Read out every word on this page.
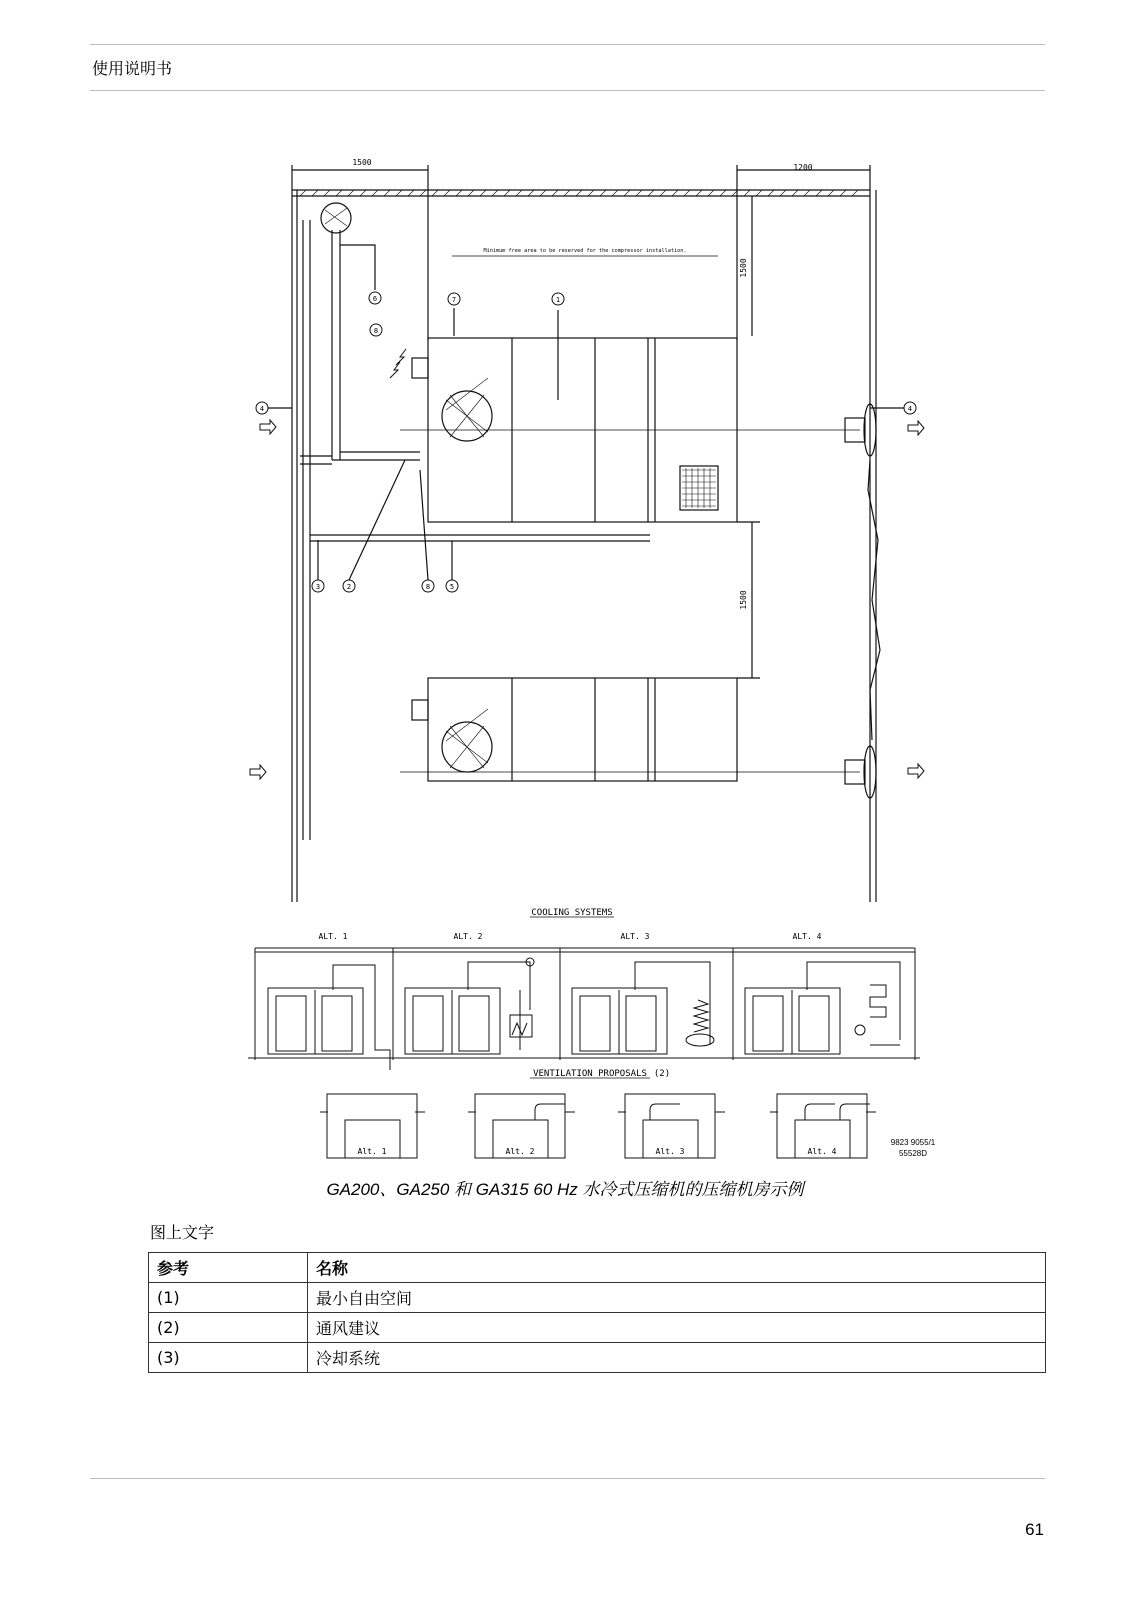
使用说明书
6
8
7	1
4	4
3	2	8	5
1500
1200
1500
1500
Minimum free area to be reserved for the compressor installation.
COOLING SYSTEMS
ALT. 1	ALT. 2	ALT. 3	ALT. 4
VENTILATION PROPOSALS (2)
Alt. 1	Alt. 2	Alt. 3	Alt. 4
9823 9055/1
55528D
GA200、GA250 和 GA315 60 Hz 水冷式压缩机的压缩机房示例
图上文字
参考	名称
(1)	最小自由空间
(2)	通风建议
(3)	冷却系统
61
